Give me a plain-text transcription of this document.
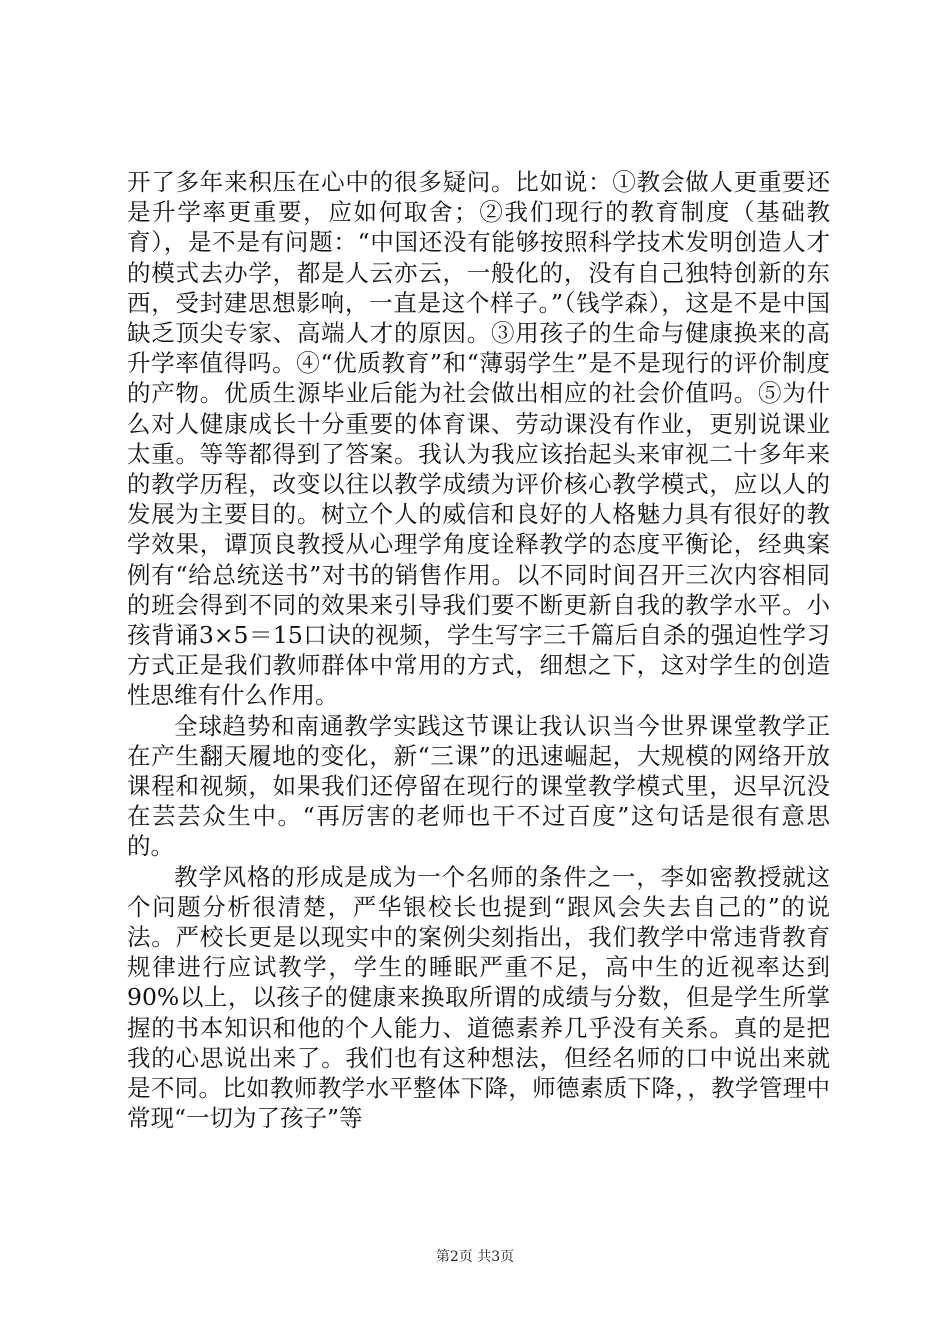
开了多年来积压在心中的很多疑问。比如说：①教会做人更重要还是升学率更重要，应如何取舍；②我们现行的教育制度（基础教育），是不是有问题：“中国还没有能够按照科学技术发明创造人才的模式去办学，都是人云亦云，一般化的，没有自己独特创新的东西，受封建思想影响，一直是这个样子。”（钱学森），这是不是中国缺乏顶尖专家、高端人才的原因。③用孩子的生命与健康换来的高升学率值得吗。④“优质教育”和“薄弱学生”是不是现行的评价制度的产物。优质生源毕业后能为社会做出相应的社会价值吗。⑤为什么对人健康成长十分重要的体育课、劳动课没有作业，更别说课业太重。等等都得到了答案。我认为我应该抬起头来审视二十多年来的教学历程，改变以往以教学成绩为评价核心教学模式，应以人的发展为主要目的。树立个人的威信和良好的人格魅力具有很好的教学效果，谭顶良教授从心理学角度诠释教学的态度平衡论，经典案例有“给总统送书”对书的销售作用。以不同时间召开三次内容相同的班会得到不同的效果来引导我们要不断更新自我的教学水平。小孩背诵3×5＝15口诀的视频，学生写字三千篇后自杀的强迫性学习方式正是我们教师群体中常用的方式，细想之下，这对学生的创造性思维有什么作用。

全球趋势和南通教学实践这节课让我认识当今世界课堂教学正在产生翻天履地的变化，新“三课”的迅速崛起，大规模的网络开放课程和视频，如果我们还停留在现行的课堂教学模式里，迟早沉没在芸芸众生中。“再厉害的老师也干不过百度”这句话是很有意思的。

教学风格的形成是成为一个名师的条件之一，李如密教授就这个问题分析很清楚，严华银校长也提到“跟风会失去自己的”的说法。严校长更是以现实中的案例尖刻指出，我们教学中常违背教育规律进行应试教学，学生的睡眠严重不足，高中生的近视率达到90%以上，以孩子的健康来换取所谓的成绩与分数，但是学生所掌握的书本知识和他的个人能力、道德素养几乎没有关系。真的是把我的心思说出来了。我们也有这种想法，但经名师的口中说出来就是不同。比如教师教学水平整体下降，师德素质下降，，教学管理中常现“一切为了孩子”等

第2页 共3页
